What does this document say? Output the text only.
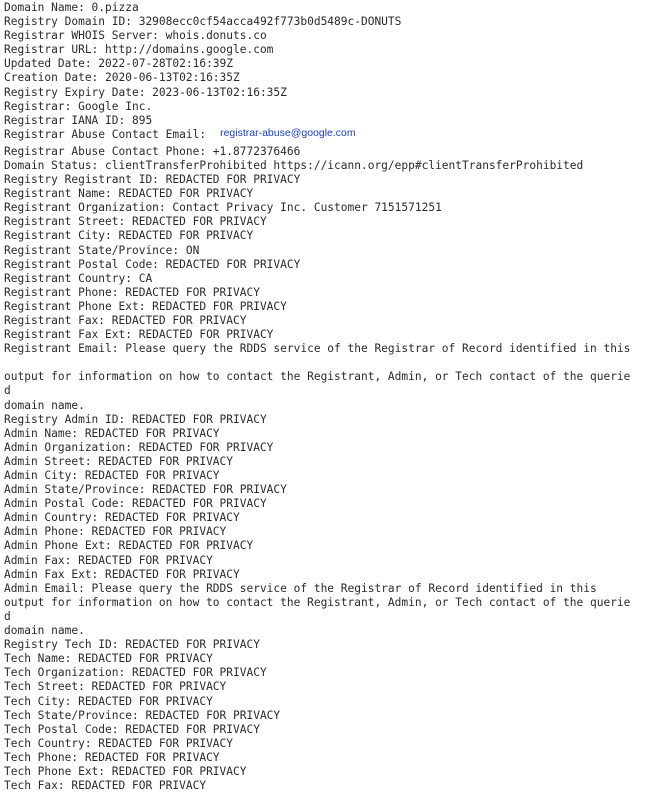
Domain Name: 0.pizza
Registry Domain ID: 32908ecc0cf54acca492f773b0d5489c-DONUTS
Registrar WHOIS Server: whois.donuts.co
Registrar URL: http://domains.google.com
Updated Date: 2022-07-28T02:16:39Z
Creation Date: 2020-06-13T02:16:35Z
Registry Expiry Date: 2023-06-13T02:16:35Z
Registrar: Google Inc.
Registrar IANA ID: 895
Registrar Abuse Contact Email: registrar-abuse@google.com
Registrar Abuse Contact Phone: +1.8772376466
Domain Status: clientTransferProhibited https://icann.org/epp#clientTransferProhibited
Registry Registrant ID: REDACTED FOR PRIVACY
Registrant Name: REDACTED FOR PRIVACY
Registrant Organization: Contact Privacy Inc. Customer 7151571251
Registrant Street: REDACTED FOR PRIVACY
Registrant City: REDACTED FOR PRIVACY
Registrant State/Province: ON
Registrant Postal Code: REDACTED FOR PRIVACY
Registrant Country: CA
Registrant Phone: REDACTED FOR PRIVACY
Registrant Phone Ext: REDACTED FOR PRIVACY
Registrant Fax: REDACTED FOR PRIVACY
Registrant Fax Ext: REDACTED FOR PRIVACY
Registrant Email: Please query the RDDS service of the Registrar of Record identified in this
output for information on how to contact the Registrant, Admin, or Tech contact of the querie
d
domain name.
Registry Admin ID: REDACTED FOR PRIVACY
Admin Name: REDACTED FOR PRIVACY
Admin Organization: REDACTED FOR PRIVACY
Admin Street: REDACTED FOR PRIVACY
Admin City: REDACTED FOR PRIVACY
Admin State/Province: REDACTED FOR PRIVACY
Admin Postal Code: REDACTED FOR PRIVACY
Admin Country: REDACTED FOR PRIVACY
Admin Phone: REDACTED FOR PRIVACY
Admin Phone Ext: REDACTED FOR PRIVACY
Admin Fax: REDACTED FOR PRIVACY
Admin Fax Ext: REDACTED FOR PRIVACY
Admin Email: Please query the RDDS service of the Registrar of Record identified in this
output for information on how to contact the Registrant, Admin, or Tech contact of the querie
d
domain name.
Registry Tech ID: REDACTED FOR PRIVACY
Tech Name: REDACTED FOR PRIVACY
Tech Organization: REDACTED FOR PRIVACY
Tech Street: REDACTED FOR PRIVACY
Tech City: REDACTED FOR PRIVACY
Tech State/Province: REDACTED FOR PRIVACY
Tech Postal Code: REDACTED FOR PRIVACY
Tech Country: REDACTED FOR PRIVACY
Tech Phone: REDACTED FOR PRIVACY
Tech Phone Ext: REDACTED FOR PRIVACY
Tech Fax: REDACTED FOR PRIVACY
